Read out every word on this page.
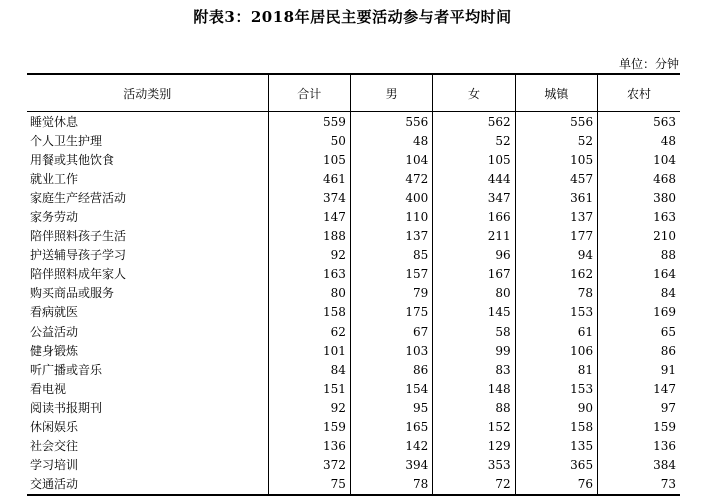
附表3：2018年居民主要活动参与者平均时间
单位：分钟
活动类别	合计	男	女	城镇	农村
睡觉休息	559	556	562	556	563
个人卫生护理	50	48	52	52	48
用餐或其他饮食	105	104	105	105	104
就业工作	461	472	444	457	468
家庭生产经营活动	374	400	347	361	380
家务劳动	147	110	166	137	163
陪伴照料孩子生活	188	137	211	177	210
护送辅导孩子学习	92	85	96	94	88
陪伴照料成年家人	163	157	167	162	164
购买商品或服务	80	79	80	78	84
看病就医	158	175	145	153	169
公益活动	62	67	58	61	65
健身锻炼	101	103	99	106	86
听广播或音乐	84	86	83	81	91
看电视	151	154	148	153	147
阅读书报期刊	92	95	88	90	97
休闲娱乐	159	165	152	158	159
社会交往	136	142	129	135	136
学习培训	372	394	353	365	384
交通活动	75	78	72	76	73
